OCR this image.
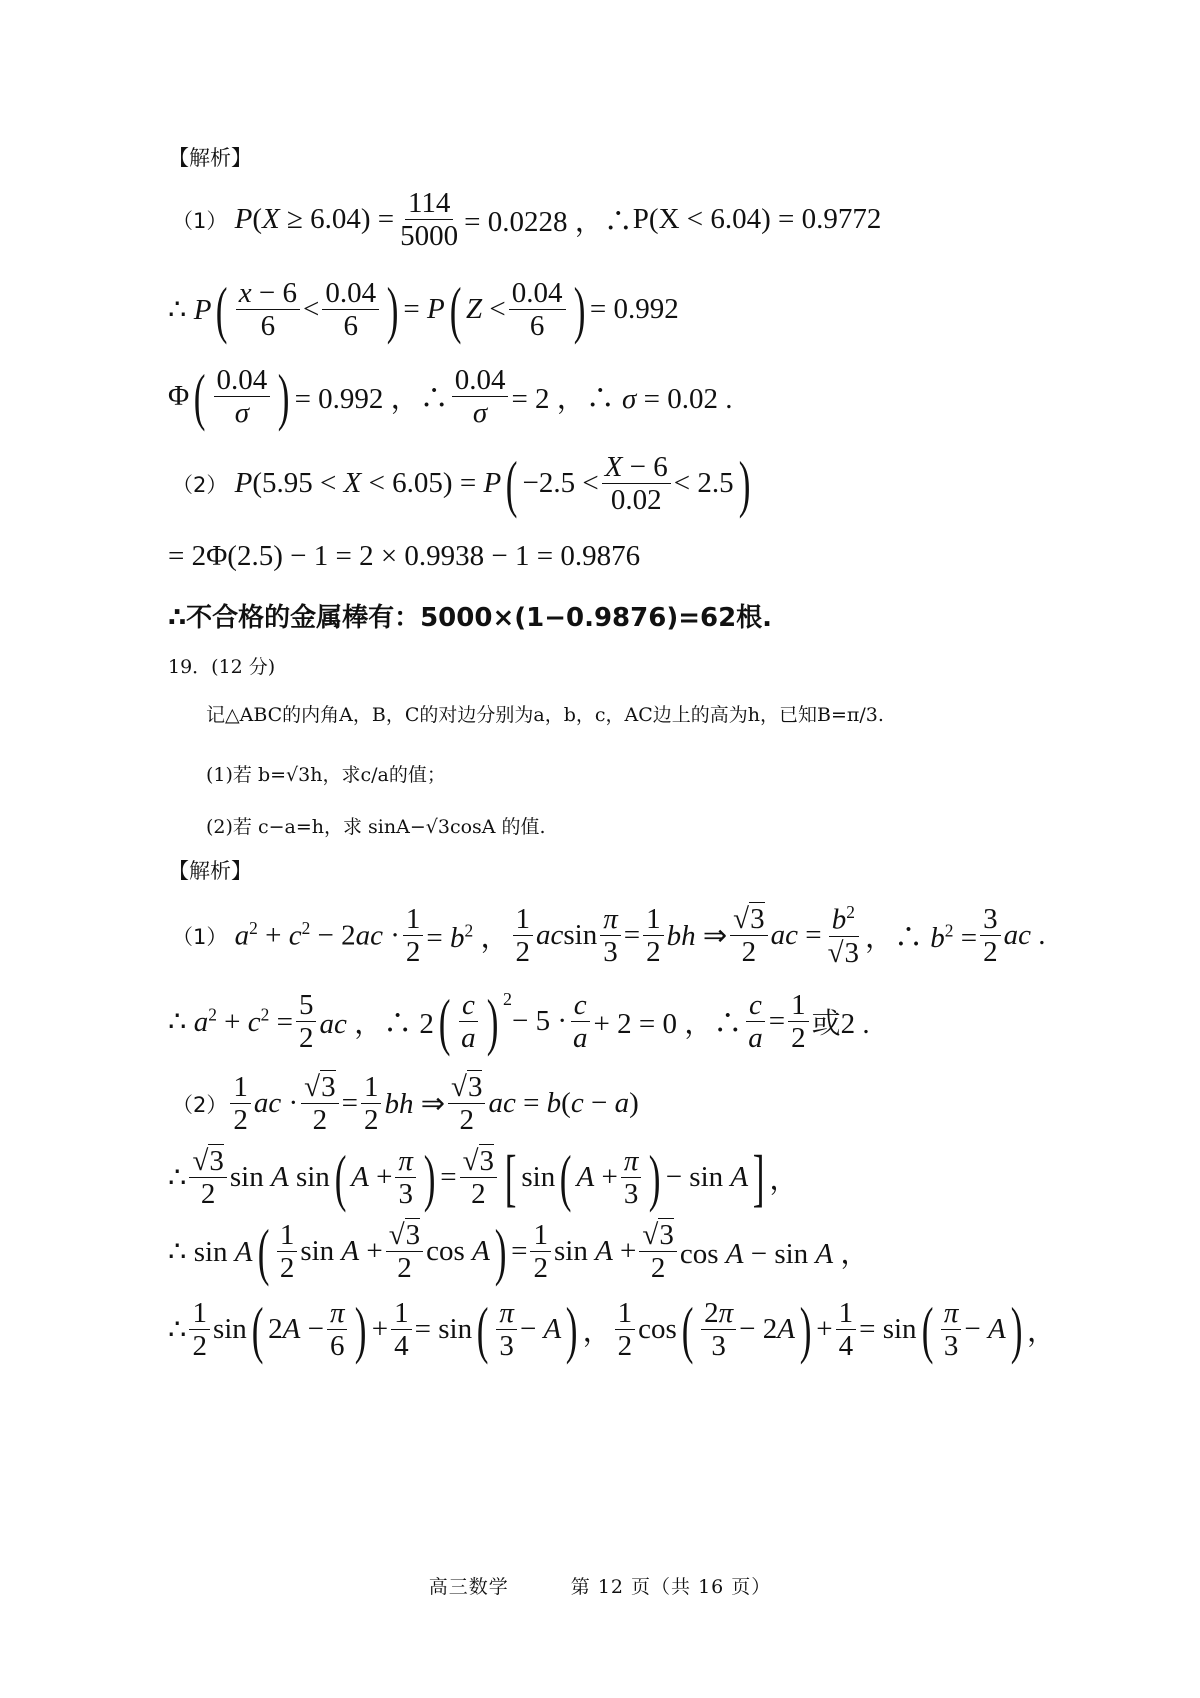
【解析】
（1） $P(X \ge 6.04) = \frac{114}{5000} = 0.0228$ ，∴ P(X < 6.04) = 0.9772
∴ P ( $\frac{x - 6}{6} < \frac{0.04}{6}$ ) = P ( $Z < \frac{0.04}{6}$ ) = 0.992
Φ ( $\frac{0.04}{\sigma}$ ) = 0.992 ，∴ $\frac{0.04}{\sigma} = 2$ ，∴ σ = 0.02 .
（2） P(5.95 < X < 6.05) = P ( $-2.5 < \frac{X - 6}{0.02} < 2.5$ )
= 2Φ(2.5) − 1 = 2 × 0.9938 − 1 = 0.9876
∴不合格的金属棒有：5000×(1−0.9876)=62根.
19．(12 分)
记△ABC的内角A，B，C的对边分别为a，b，c，AC边上的高为h，已知B=π/3.
(1)若 b=√3h，求c/a的值；
(2)若 c−a=h，求 sinA−√3cosA 的值.
【解析】
（1） $a^2 + c^2 - 2ac \cdot \frac{1}{2} = b^2$ ， $\frac{1}{2}$ acsin $\frac{\pi}{3} = \frac{1}{2}$ bh ⇒ $\frac{√3}{2}$ ac = $\frac{b^2}{√3}$ ，∴ $b^2 = \frac{3}{2}$ ac .
∴ $a^2 + c^2 = \frac{5}{2}$ ac ，∴ 2 ( $\frac{c}{a}$ ) $^2$
− $5 \cdot \frac{c}{a} + 2 = 0$ ，∴ $\frac{c}{a} = \frac{1}{2}$ 或2 .
$(2) \frac{1}{2}$ ac · $\frac{√3}{2} = \frac{1}{2}$ bh ⇒ $\frac{√3}{2}$ ac = b(c − a)
∴ $\frac{√3}{2}$ sin A sin ( $A + \frac{\pi}{3}$ ) = $\frac{√3}{2}$ [ sin ( $A + \frac{\pi}{3}$ ) − sin A ] ，
∴ sin A ( $\frac{1}{2}$ $\sin A + \frac{√3}{2}$ cos A ) = $\frac{1}{2}$ $\sin A + \frac{√3}{2}$ cos A − sin A ，
∴ $\frac{1}{2}$ sin ( $2A - \frac{\pi}{6}$ ) + $\frac{1}{4} = \sin$ ( $\frac{\pi}{3} - A$ ) ， $\frac{1}{2}$ cos ( $\frac{2\pi}{3} - 2A$ ) + $\frac{1}{4} = \sin$ ( $\frac{\pi}{3} - A$ ) ，
高三数学	第 12 页（共 16 页）
